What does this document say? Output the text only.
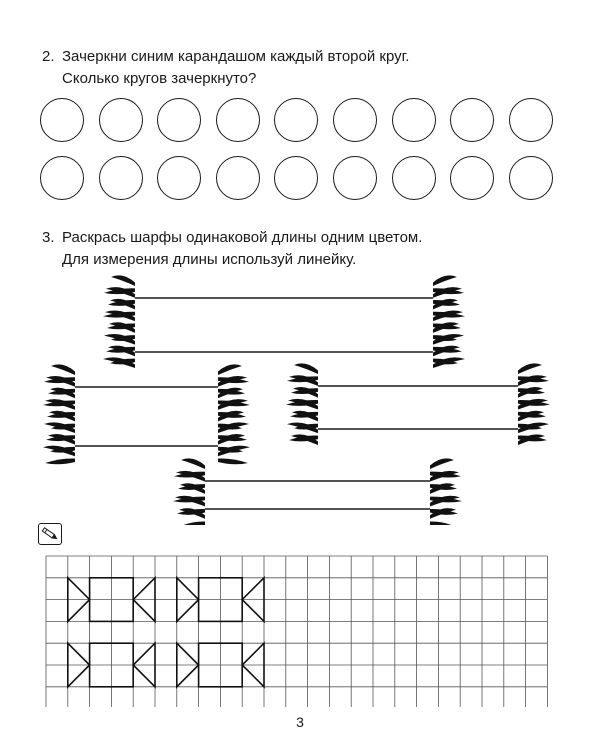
2. Зачеркни синим карандашом каждый второй круг.
Сколько кругов зачеркнуто?
3. Раскрась шарфы одинаковой длины одним цветом.
Для измерения длины используй линейку.
3
